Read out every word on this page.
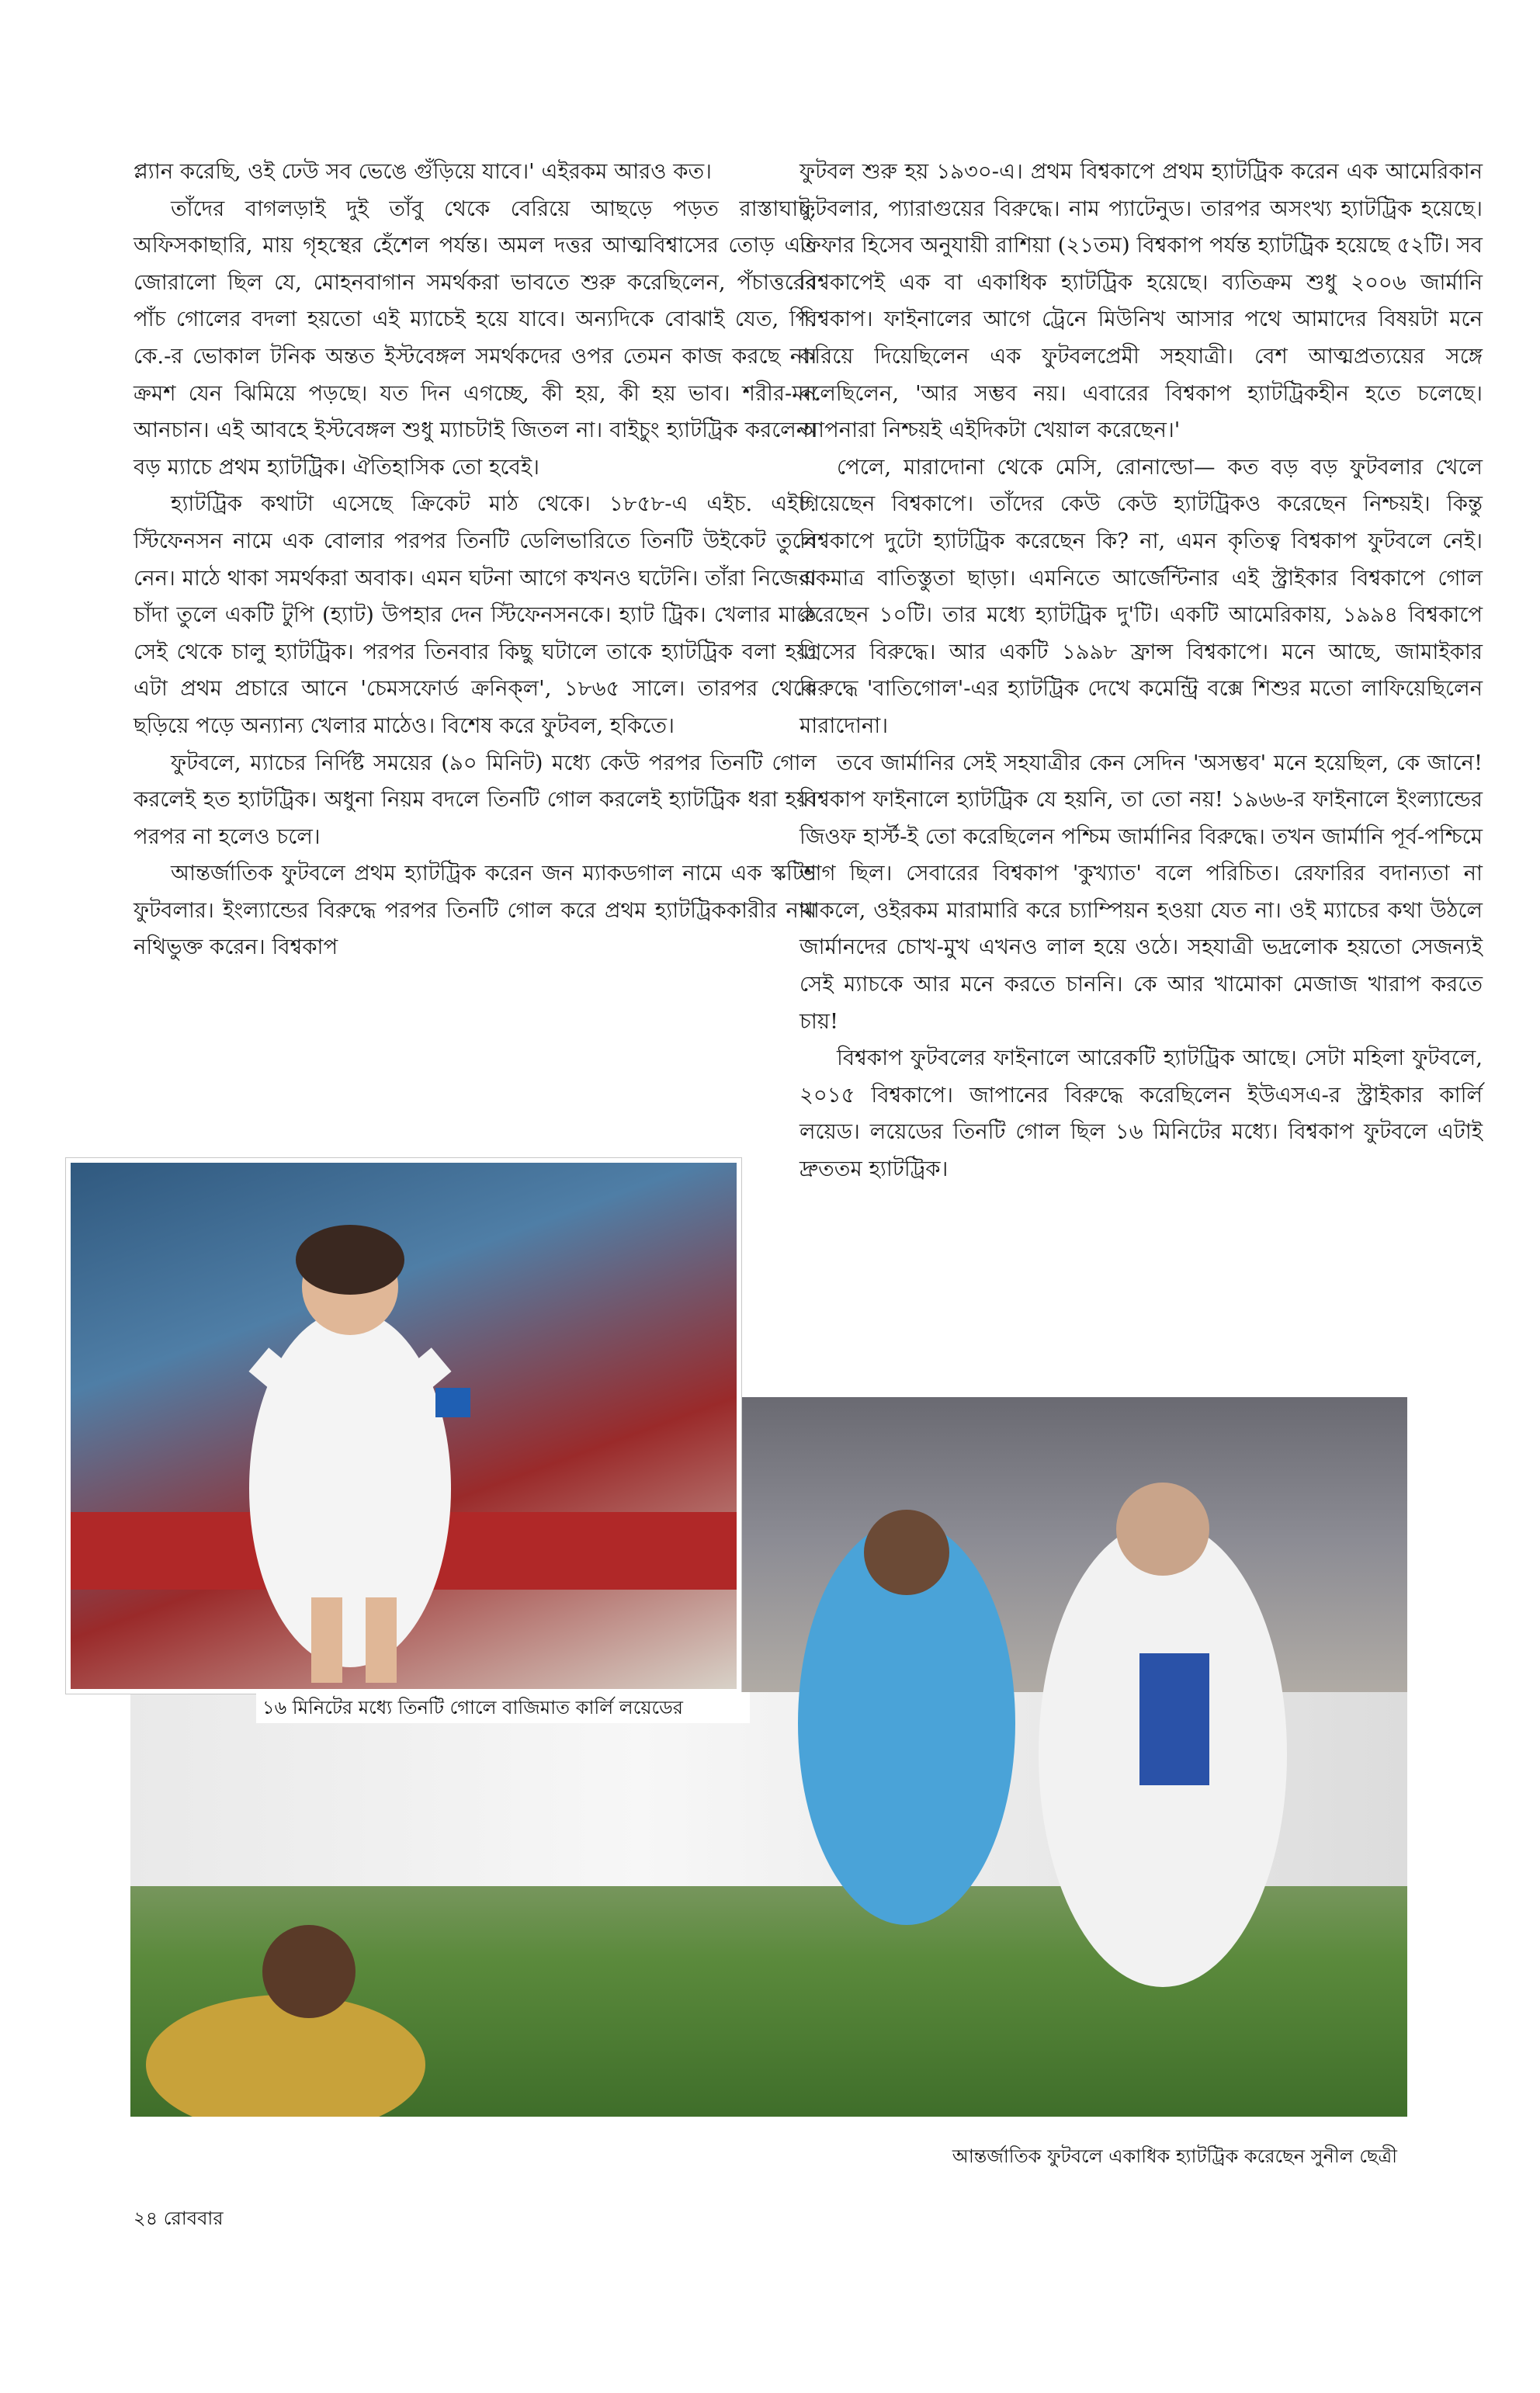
প্ল্যান করেছি, ওই ঢেউ সব ভেঙে গুঁড়িয়ে যাবে।' এইরকম আরও কত।

তাঁদের বাগলড়াই দুই তাঁবু থেকে বেরিয়ে আছড়ে পড়ত রাস্তাঘাট, অফিসকাছারি, মায় গৃহস্থের হেঁশেল পর্যন্ত। অমল দত্তর আত্মবিশ্বাসের তোড় এত জোরালো ছিল যে, মোহনবাগান সমর্থকরা ভাবতে শুরু করেছিলেন, পঁচাত্তরের পাঁচ গোলের বদলা হয়তো এই ম্যাচেই হয়ে যাবে। অন্যদিকে বোঝাই যেত, পি. কে.-র ভোকাল টনিক অন্তত ইস্টবেঙ্গল সমর্থকদের ওপর তেমন কাজ করছে না। ক্রমশ যেন ঝিমিয়ে পড়ছে। যত দিন এগচ্ছে, কী হয়, কী হয় ভাব। শরীর-মন আনচান। এই আবহে ইস্টবেঙ্গল শুধু ম্যাচটাই জিতল না। বাইচুং হ্যাটট্রিক করলেন। বড় ম্যাচে প্রথম হ্যাটট্রিক। ঐতিহাসিক তো হবেই।

হ্যাটট্রিক কথাটা এসেছে ক্রিকেট মাঠ থেকে। ১৮৫৮-এ এইচ. এইচ. স্টিফেনসন নামে এক বোলার পরপর তিনটি ডেলিভারিতে তিনটি উইকেট তুলে নেন। মাঠে থাকা সমর্থকরা অবাক। এমন ঘটনা আগে কখনও ঘটেনি। তাঁরা নিজেরা চাঁদা তুলে একটি টুপি (হ্যাট) উপহার দেন স্টিফেনসনকে। হ্যাট ট্রিক। খেলার মাঠে সেই থেকে চালু হ্যাটট্রিক। পরপর তিনবার কিছু ঘটালে তাকে হ্যাটট্রিক বলা হয়। এটা প্রথম প্রচারে আনে 'চেমসফোর্ড ক্রনিক্‌ল', ১৮৬৫ সালে। তারপর থেকে ছড়িয়ে পড়ে অন্যান্য খেলার মাঠেও। বিশেষ করে ফুটবল, হকিতে।

ফুটবলে, ম্যাচের নির্দিষ্ট সময়ের (৯০ মিনিট) মধ্যে কেউ পরপর তিনটি গোল করলেই হত হ্যাটট্রিক। অধুনা নিয়ম বদলে তিনটি গোল করলেই হ্যাটট্রিক ধরা হয়। পরপর না হলেও চলে।

আন্তর্জাতিক ফুটবলে প্রথম হ্যাটট্রিক করেন জন ম্যাকডগাল নামে এক স্কটিশ ফুটবলার। ইংল্যান্ডের বিরুদ্ধে পরপর তিনটি গোল করে প্রথম হ্যাটট্রিককারীর নাম নথিভুক্ত করেন। বিশ্বকাপ

ফুটবল শুরু হয় ১৯৩০-এ। প্রথম বিশ্বকাপে প্রথম হ্যাটট্রিক করেন এক আমেরিকান ফুটবলার, প্যারাগুয়ের বিরুদ্ধে। নাম প্যাটেনুড। তারপর অসংখ্য হ্যাটট্রিক হয়েছে। ফিফার হিসেব অনুযায়ী রাশিয়া (২১তম) বিশ্বকাপ পর্যন্ত হ্যাটট্রিক হয়েছে ৫২টি। সব বিশ্বকাপেই এক বা একাধিক হ্যাটট্রিক হয়েছে। ব্যতিক্রম শুধু ২০০৬ জার্মানি বিশ্বকাপ। ফাইনালের আগে ট্রেনে মিউনিখ আসার পথে আমাদের বিষয়টা মনে করিয়ে দিয়েছিলেন এক ফুটবলপ্রেমী সহযাত্রী। বেশ আত্মপ্রত্যয়ের সঙ্গে বলেছিলেন, 'আর সম্ভব নয়। এবারের বিশ্বকাপ হ্যাটট্রিকহীন হতে চলেছে। আপনারা নিশ্চয়ই এইদিকটা খেয়াল করেছেন।'

পেলে, মারাদোনা থেকে মেসি, রোনাল্ডো— কত বড় বড় ফুটবলার খেলে গিয়েছেন বিশ্বকাপে। তাঁদের কেউ কেউ হ্যাটট্রিকও করেছেন নিশ্চয়ই। কিন্তু বিশ্বকাপে দুটো হ্যাটট্রিক করেছেন কি? না, এমন কৃতিত্ব বিশ্বকাপ ফুটবলে নেই। একমাত্র বাতিস্তুতা ছাড়া। এমনিতে আর্জেন্টিনার এই স্ট্রাইকার বিশ্বকাপে গোল করেছেন ১০টি। তার মধ্যে হ্যাটট্রিক দু'টি। একটি আমেরিকায়, ১৯৯৪ বিশ্বকাপে গ্রিসের বিরুদ্ধে। আর একটি ১৯৯৮ ফ্রান্স বিশ্বকাপে। মনে আছে, জামাইকার বিরুদ্ধে 'বাতিগোল'-এর হ্যাটট্রিক দেখে কমেন্ট্রি বক্সে শিশুর মতো লাফিয়েছিলেন মারাদোনা।

তবে জার্মানির সেই সহযাত্রীর কেন সেদিন 'অসম্ভব' মনে হয়েছিল, কে জানে! বিশ্বকাপ ফাইনালে হ্যাটট্রিক যে হয়নি, তা তো নয়! ১৯৬৬-র ফাইনালে ইংল্যান্ডের জিওফ হার্স্ট-ই তো করেছিলেন পশ্চিম জার্মানির বিরুদ্ধে। তখন জার্মানি পূর্ব-পশ্চিমে ভাগ ছিল। সেবারের বিশ্বকাপ 'কুখ্যাত' বলে পরিচিত। রেফারির বদান্যতা না থাকলে, ওইরকম মারামারি করে চ্যাম্পিয়ন হওয়া যেত না। ওই ম্যাচের কথা উঠলে জার্মানদের চোখ-মুখ এখনও লাল হয়ে ওঠে। সহযাত্রী ভদ্রলোক হয়তো সেজন্যই সেই ম্যাচকে আর মনে করতে চাননি। কে আর খামোকা মেজাজ খারাপ করতে চায়!

বিশ্বকাপ ফুটবলের ফাইনালে আরেকটি হ্যাটট্রিক আছে। সেটা মহিলা ফুটবলে, ২০১৫ বিশ্বকাপে। জাপানের বিরুদ্ধে করেছিলেন ইউএসএ-র স্ট্রাইকার কার্লি লয়েড। লয়েডের তিনটি গোল ছিল ১৬ মিনিটের মধ্যে। বিশ্বকাপ ফুটবলে এটাই দ্রুততম হ্যাটট্রিক।

১৬ মিনিটের মধ্যে তিনটি গোলে বাজিমাত কার্লি লয়েডের
আন্তর্জাতিক ফুটবলে একাধিক হ্যাটট্রিক করেছেন সুনীল ছেত্রী
২৪ রোববার
